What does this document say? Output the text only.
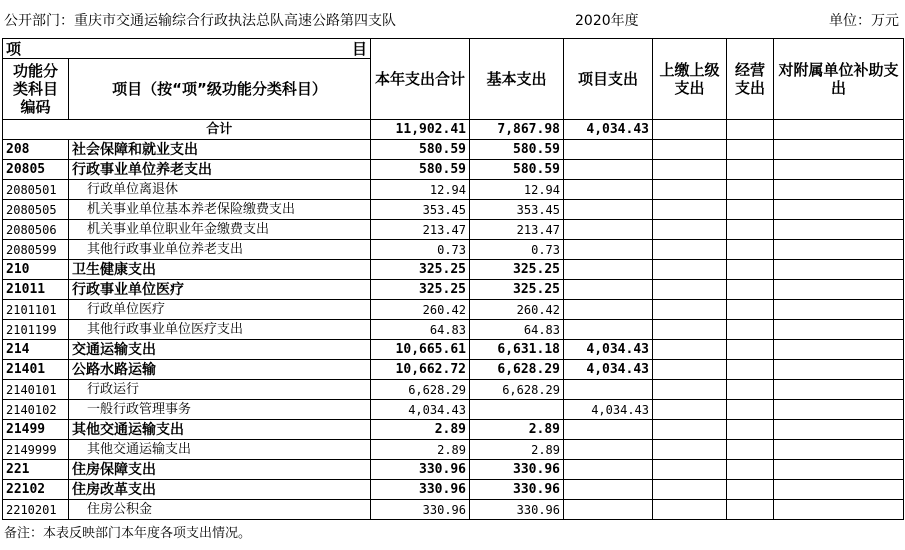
公开部门：重庆市交通运输综合行政执法总队高速公路第四支队	2020年度	单位：万元
项	目	本年支出合计	基本支出	项目支出	上缴上级支出	经营支出	对附属单位补助支出
功能分类科目编码	项目（按“项”级功能分类科目）						
	合计	11,902.41	7,867.98	4,034.43			
208	社会保障和就业支出	580.59	580.59				
20805	行政事业单位养老支出	580.59	580.59				
2080501	行政单位离退休	12.94	12.94				
2080505	机关事业单位基本养老保险缴费支出	353.45	353.45				
2080506	机关事业单位职业年金缴费支出	213.47	213.47				
2080599	其他行政事业单位养老支出	0.73	0.73				
210	卫生健康支出	325.25	325.25				
21011	行政事业单位医疗	325.25	325.25				
2101101	行政单位医疗	260.42	260.42				
2101199	其他行政事业单位医疗支出	64.83	64.83				
214	交通运输支出	10,665.61	6,631.18	4,034.43			
21401	公路水路运输	10,662.72	6,628.29	4,034.43			
2140101	行政运行	6,628.29	6,628.29				
2140102	一般行政管理事务	4,034.43		4,034.43			
21499	其他交通运输支出	2.89	2.89				
2149999	其他交通运输支出	2.89	2.89				
221	住房保障支出	330.96	330.96				
22102	住房改革支出	330.96	330.96				
2210201	住房公积金	330.96	330.96				
备注：本表反映部门本年度各项支出情况。
